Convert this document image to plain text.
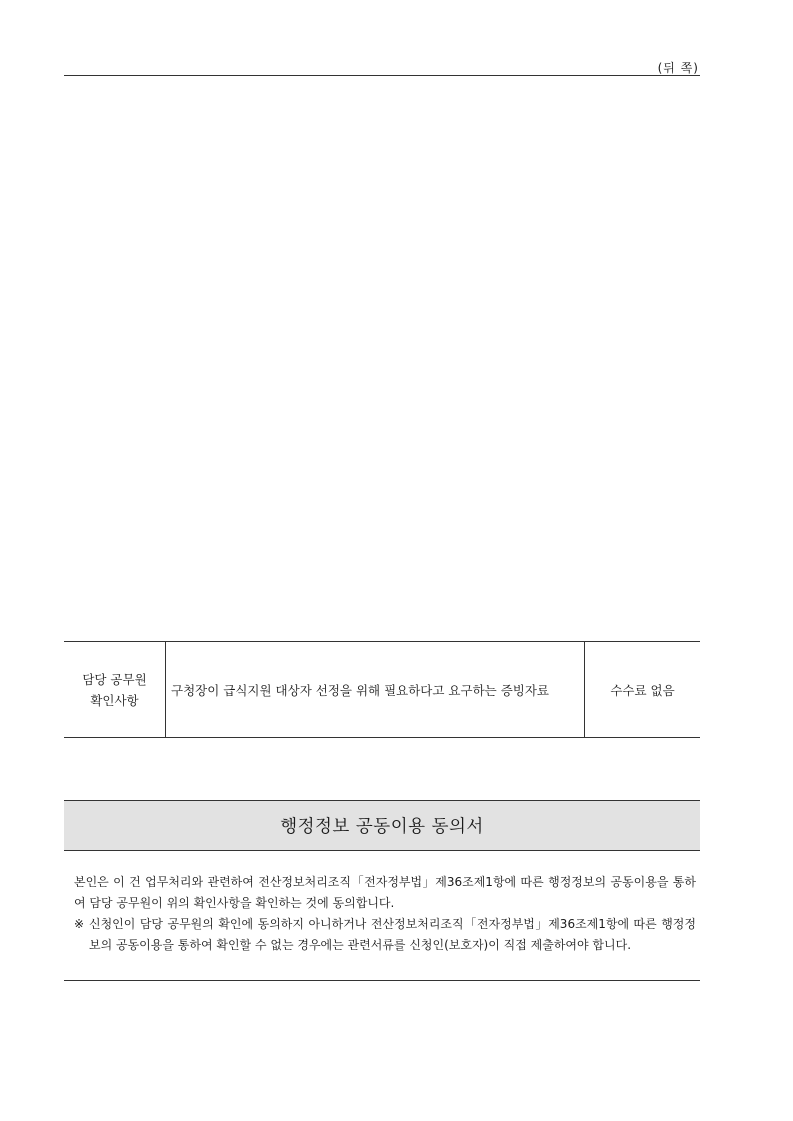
(뒤 쪽)
담당 공무원
확인사항
구청장이 급식지원 대상자 선정을 위해 필요하다고 요구하는 증빙자료	수수료 없음
행정정보 공동이용 동의서

본인은 이 건 업무처리와 관련하여 전산정보처리조직「전자정부법」제36조제1항에 따른 행정정보의 공동이용을 통하여 담당 공무원이 위의 확인사항을 확인하는 것에 동의합니다.

※ 신청인이 담당 공무원의 확인에 동의하지 아니하거나 전산정보처리조직「전자정부법」제36조제1항에 따른 행정정보의 공동이용을 통하여 확인할 수 없는 경우에는 관련서류를 신청인(보호자)이 직접 제출하여야 합니다.
